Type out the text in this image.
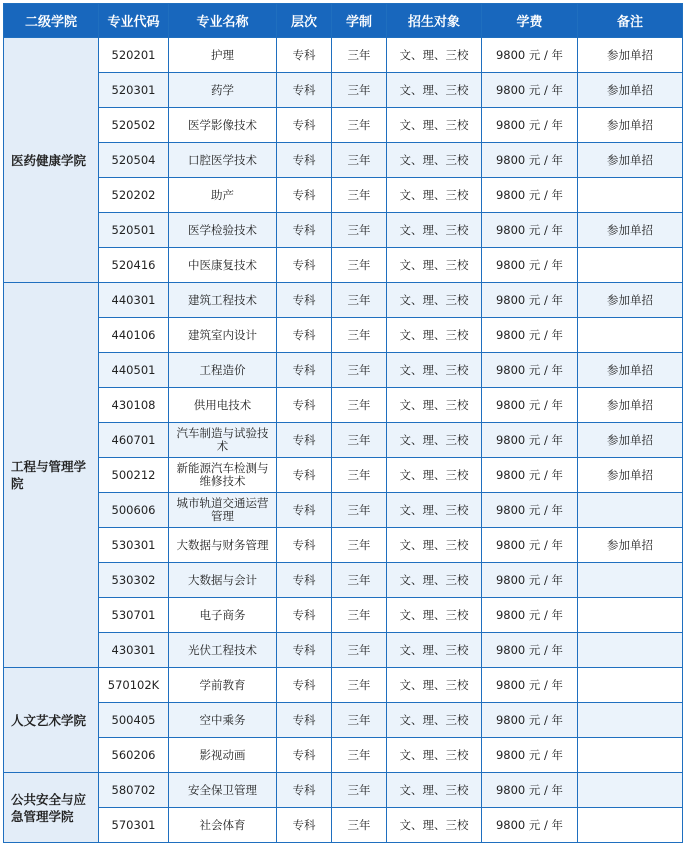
二级学院	专业代码	专业名称	层次	学制	招生对象	学费	备注
医药健康学院	520201	护理	专科	三年	文、理、三校	9800 元 / 年	参加单招
	520301	药学	专科	三年	文、理、三校	9800 元 / 年	参加单招
	520502	医学影像技术	专科	三年	文、理、三校	9800 元 / 年	参加单招
	520504	口腔医学技术	专科	三年	文、理、三校	9800 元 / 年	参加单招
	520202	助产	专科	三年	文、理、三校	9800 元 / 年	
	520501	医学检验技术	专科	三年	文、理、三校	9800 元 / 年	参加单招
	520416	中医康复技术	专科	三年	文、理、三校	9800 元 / 年	
工程与管理学院	440301	建筑工程技术	专科	三年	文、理、三校	9800 元 / 年	参加单招
	440106	建筑室内设计	专科	三年	文、理、三校	9800 元 / 年	
	440501	工程造价	专科	三年	文、理、三校	9800 元 / 年	参加单招
	430108	供用电技术	专科	三年	文、理、三校	9800 元 / 年	参加单招
	460701	汽车制造与试验技术	专科	三年	文、理、三校	9800 元 / 年	参加单招
	500212	新能源汽车检测与维修技术	专科	三年	文、理、三校	9800 元 / 年	参加单招
	500606	城市轨道交通运营管理	专科	三年	文、理、三校	9800 元 / 年	
	530301	大数据与财务管理	专科	三年	文、理、三校	9800 元 / 年	参加单招
	530302	大数据与会计	专科	三年	文、理、三校	9800 元 / 年	
	530701	电子商务	专科	三年	文、理、三校	9800 元 / 年	
	430301	光伏工程技术	专科	三年	文、理、三校	9800 元 / 年	
人文艺术学院	570102K	学前教育	专科	三年	文、理、三校	9800 元 / 年	
	500405	空中乘务	专科	三年	文、理、三校	9800 元 / 年	
	560206	影视动画	专科	三年	文、理、三校	9800 元 / 年	
公共安全与应急管理学院	580702	安全保卫管理	专科	三年	文、理、三校	9800 元 / 年	
	570301	社会体育	专科	三年	文、理、三校	9800 元 / 年	
